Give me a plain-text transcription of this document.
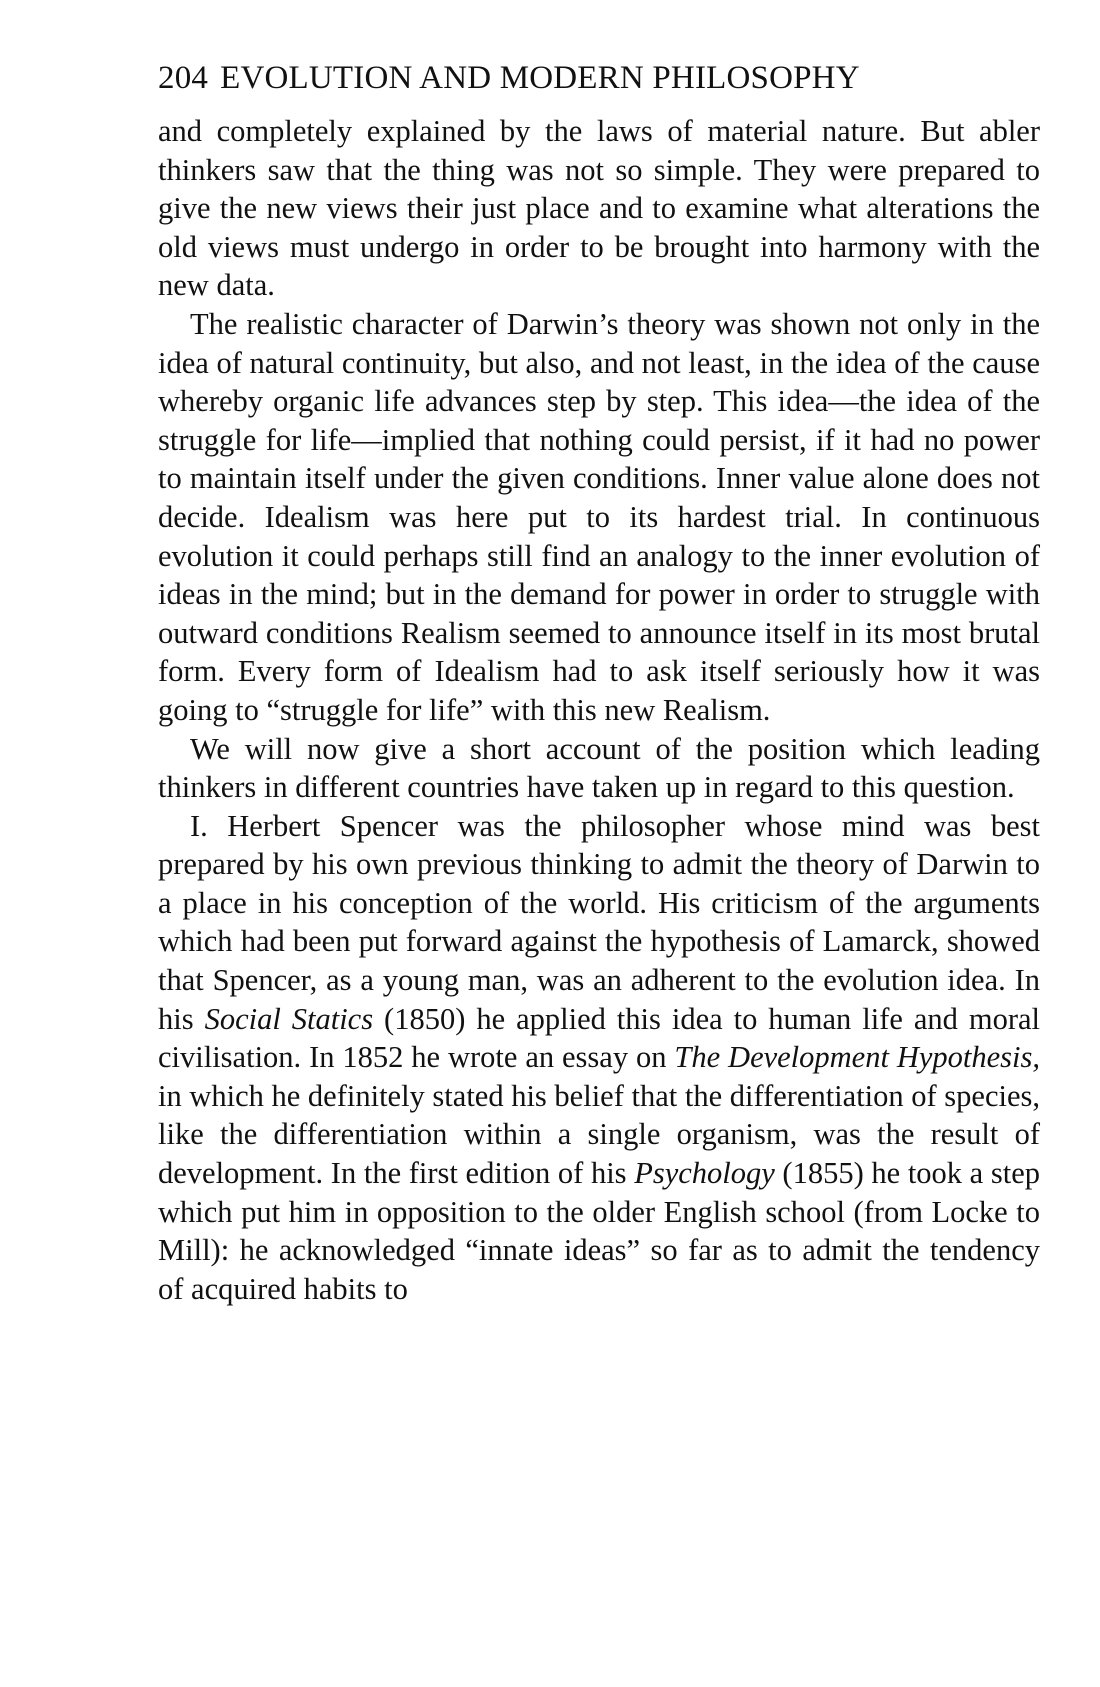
204 EVOLUTION AND MODERN PHILOSOPHY

and completely explained by the laws of material nature. But abler thinkers saw that the thing was not so simple. They were prepared to give the new views their just place and to examine what alterations the old views must undergo in order to be brought into harmony with the new data.

The realistic character of Darwin’s theory was shown not only in the idea of natural continuity, but also, and not least, in the idea of the cause whereby organic life advances step by step. This idea—the idea of the struggle for life—implied that nothing could persist, if it had no power to maintain itself under the given conditions. Inner value alone does not decide. Idealism was here put to its hardest trial. In continuous evolution it could perhaps still find an analogy to the inner evolution of ideas in the mind; but in the demand for power in order to struggle with outward conditions Realism seemed to announce itself in its most brutal form. Every form of Idealism had to ask itself seriously how it was going to “struggle for life” with this new Realism.

We will now give a short account of the position which leading thinkers in different countries have taken up in regard to this question.

I. Herbert Spencer was the philosopher whose mind was best prepared by his own previous thinking to admit the theory of Darwin to a place in his conception of the world. His criticism of the arguments which had been put forward against the hypothesis of Lamarck, showed that Spencer, as a young man, was an adherent to the evolution idea. In his Social Statics (1850) he applied this idea to human life and moral civilisation. In 1852 he wrote an essay on The Development Hypothesis, in which he definitely stated his belief that the differentiation of species, like the differentiation within a single organism, was the result of development. In the first edition of his Psychology (1855) he took a step which put him in opposition to the older English school (from Locke to Mill): he acknowledged “innate ideas” so far as to admit the tendency of acquired habits to
